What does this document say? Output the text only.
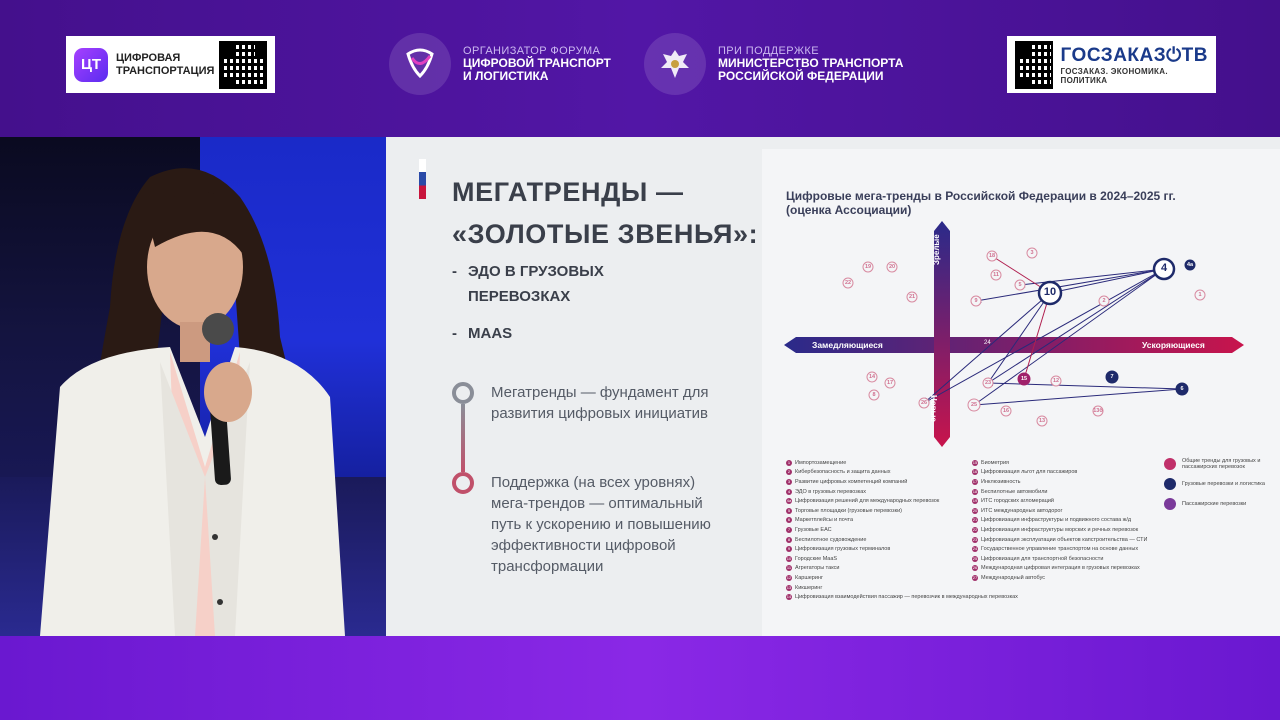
ЦТ	ЦИФРОВАЯ ТРАНСПОРТАЦИЯ
ОРГАНИЗАТОР ФОРУМА
ЦИФРОВОЙ ТРАНСПОРТ
И ЛОГИСТИКА
ПРИ ПОДДЕРЖКЕ
МИНИСТЕРСТВО ТРАНСПОРТА
РОССИЙСКОЙ ФЕДЕРАЦИИ
ГОСЗАКАЗ⏻ТВ
ГОСЗАКАЗ. ЭКОНОМИКА. ПОЛИТИКА
МЕГАТРЕНДЫ —
«ЗОЛОТЫЕ ЗВЕНЬЯ»:
- ЭДО В ГРУЗОВЫХ ПЕРЕВОЗКАХ
- MAAS
Мегатренды — фундамент для развития цифровых инициатив
Поддержка (на всех уровнях) мега-трендов — оптимальный путь к ускорению и повышению эффективности цифровой трансформации
Цифровые мега-тренды в Российской Федерации в 2024–2025 гг. (оценка Ассоциации)
Замедляющиеся	Ускоряющиеся
24
Зрелые
Новые
4	4а
10
18	3
11
5
9	2
1
19	20
22
21
14
17
8
26
23
15	12
7
6
25
16
13
13б
1 Импортозамещение
2 Кибербезопасность и защита данных
3 Развитие цифровых компетенций компаний
4 ЭДО в грузовых перевозках
4а Цифровизация решений для международных перевозок
5 Торговые площадки (грузовые перевозки)
6 Маркетплейсы и почта
7 Грузовые ЕАС
8 Беспилотное судовождение
9 Цифровизация грузовых терминалов
10 Городские MaaS
11 Агрегаторы такси
12 Каршеринг
13 Кикшеринг
14 Цифровизация взаимодействия пассажир — перевозчик в международных перевозках
15 Биометрия
16 Цифровизация льгот для пассажиров
17 Инклюзивность
18 Беспилотные автомобили
19 ИТС городских агломераций
20 ИТС международных автодорог
21 Цифровизация инфраструктуры и подвижного состава ж/д
22 Цифровизация инфраструктуры морских и речных перевозок
23 Цифровизация эксплуатации объектов капстроительства — СТИ
24 Государственное управление транспортом на основе данных
25 Цифровизация для транспортной безопасности
26 Международная цифровая интеграция в грузовых перевозках
27 Международный автобус
Общие тренды для грузовых и пассажирских перевозок
Грузовые перевозки и логистика
Пассажирские перевозки
